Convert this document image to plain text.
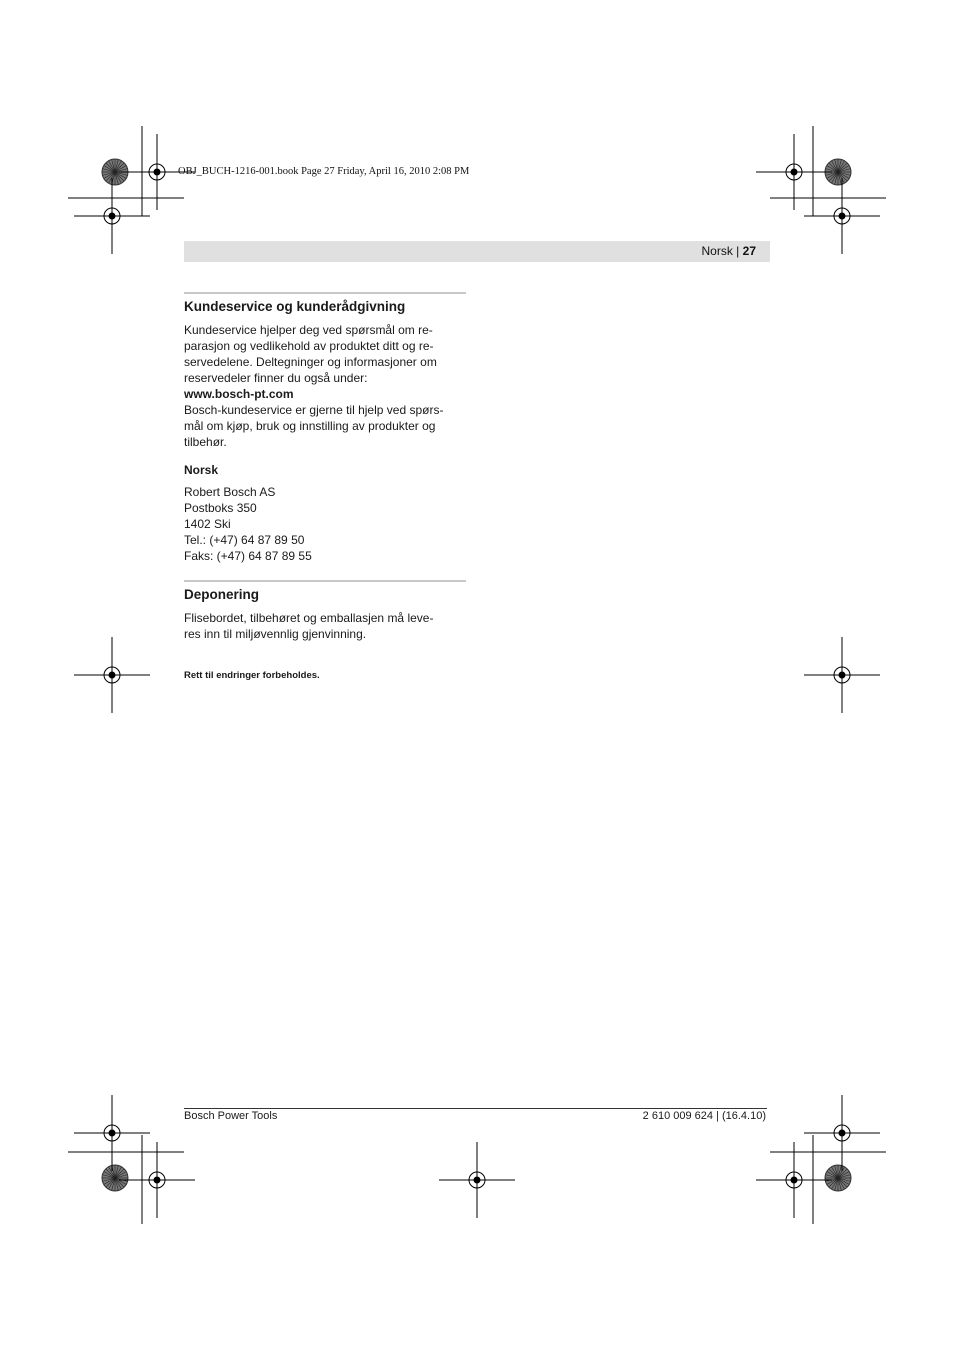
OBJ_BUCH-1216-001.book Page 27 Friday, April 16, 2010 2:08 PM
Norsk | 27
Kundeservice og kunderådgivning

Kundeservice hjelper deg ved spørsmål om re-

parasjon og vedlikehold av produktet ditt og re-

servedelene. Deltegninger og informasjoner om

reservedeler finner du også under:

www.bosch-pt.com

Bosch-kundeservice er gjerne til hjelp ved spørs-

mål om kjøp, bruk og innstilling av produkter og

tilbehør.

Norsk

Robert Bosch AS

Postboks 350

1402 Ski

Tel.: (+47) 64 87 89 50

Faks: (+47) 64 87 89 55

Deponering

Flisebordet, tilbehøret og emballasjen må leve-

res inn til miljøvennlig gjenvinning.

Rett til endringer forbeholdes.

Bosch Power Tools	2 610 009 624 | (16.4.10)
